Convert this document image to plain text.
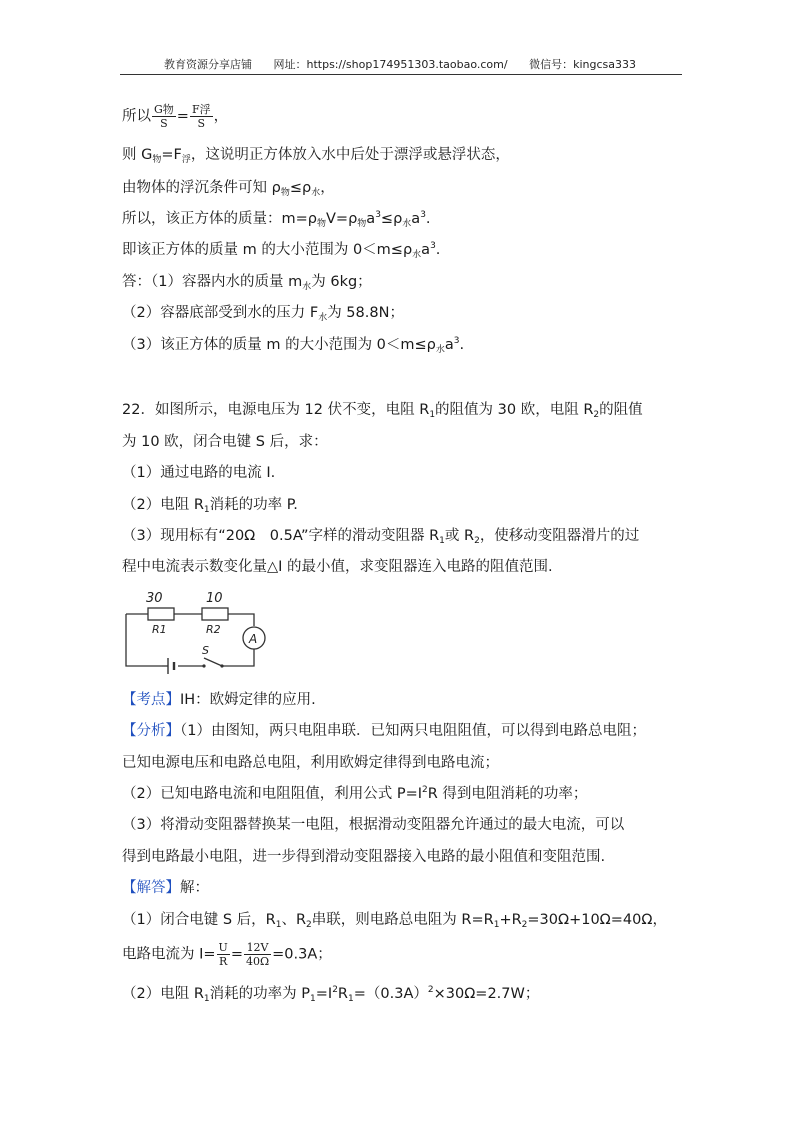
教育资源分享店铺 网址：https://shop174951303.taobao.com/ 微信号：kingcsa333
所以 $\frac{\text{G物}}{S} = \frac{\text{F浮}}{S}$ ，
则 $G_物=F_浮$，这说明正方体放入水中后处于漂浮或悬浮状态，
由物体的浮沉条件可知 $\rho_物\le\rho_水$，
所以，该正方体的质量：$m=\rho_物V=\rho_物a^3\le\rho_水a^3$.
即该正方体的质量 m 的大小范围为 $0<m\le\rho_水a^3$.
答：（1）容器内水的质量 $m_水$为 6kg；
（2）容器底部受到水的压力 $F_水$为 58.8N；
（3）该正方体的质量 m 的大小范围为 $0<m\le\rho_水a^3$.
22．如图所示，电源电压为 12 伏不变，电阻 $R_1$的阻值为 30 欧，电阻 $R_2$的阻值
为 10 欧，闭合电键 S 后，求：
（1）通过电路的电流 I.
（2）电阻 $R_1$消耗的功率 P.
（3）现用标有“20Ω　0.5A”字样的滑动变阻器 $R_1$或 $R_2$，使移动变阻器滑片的过
程中电流表示数变化量△I 的最小值，求变阻器连入电路的阻值范围.
30	10
R1	R2
A
S
【考点】IH：欧姆定律的应用.
【分析】（1）由图知，两只电阻串联．已知两只电阻阻值，可以得到电路总电阻；
已知电源电压和电路总电阻，利用欧姆定律得到电路电流；
（2）已知电路电流和电阻阻值，利用公式 $P=I^2R$ 得到电阻消耗的功率；
（3）将滑动变阻器替换某一电阻，根据滑动变阻器允许通过的最大电流，可以
得到电路最小电阻，进一步得到滑动变阻器接入电路的最小阻值和变阻范围.
【解答】解：
（1）闭合电键 S 后，$R_1$、$R_2$串联，则电路总电阻为 $R=R_1+R_2=30\Omega+10\Omega=40\Omega$，
电路电流为 $I= \frac{U}{R} = \frac{12V}{40\Omega} =0.3A$；
（2）电阻 $R_1$消耗的功率为 $P_1=I^2R_1=(0.3A)^2\times 30\Omega=2.7W$；
